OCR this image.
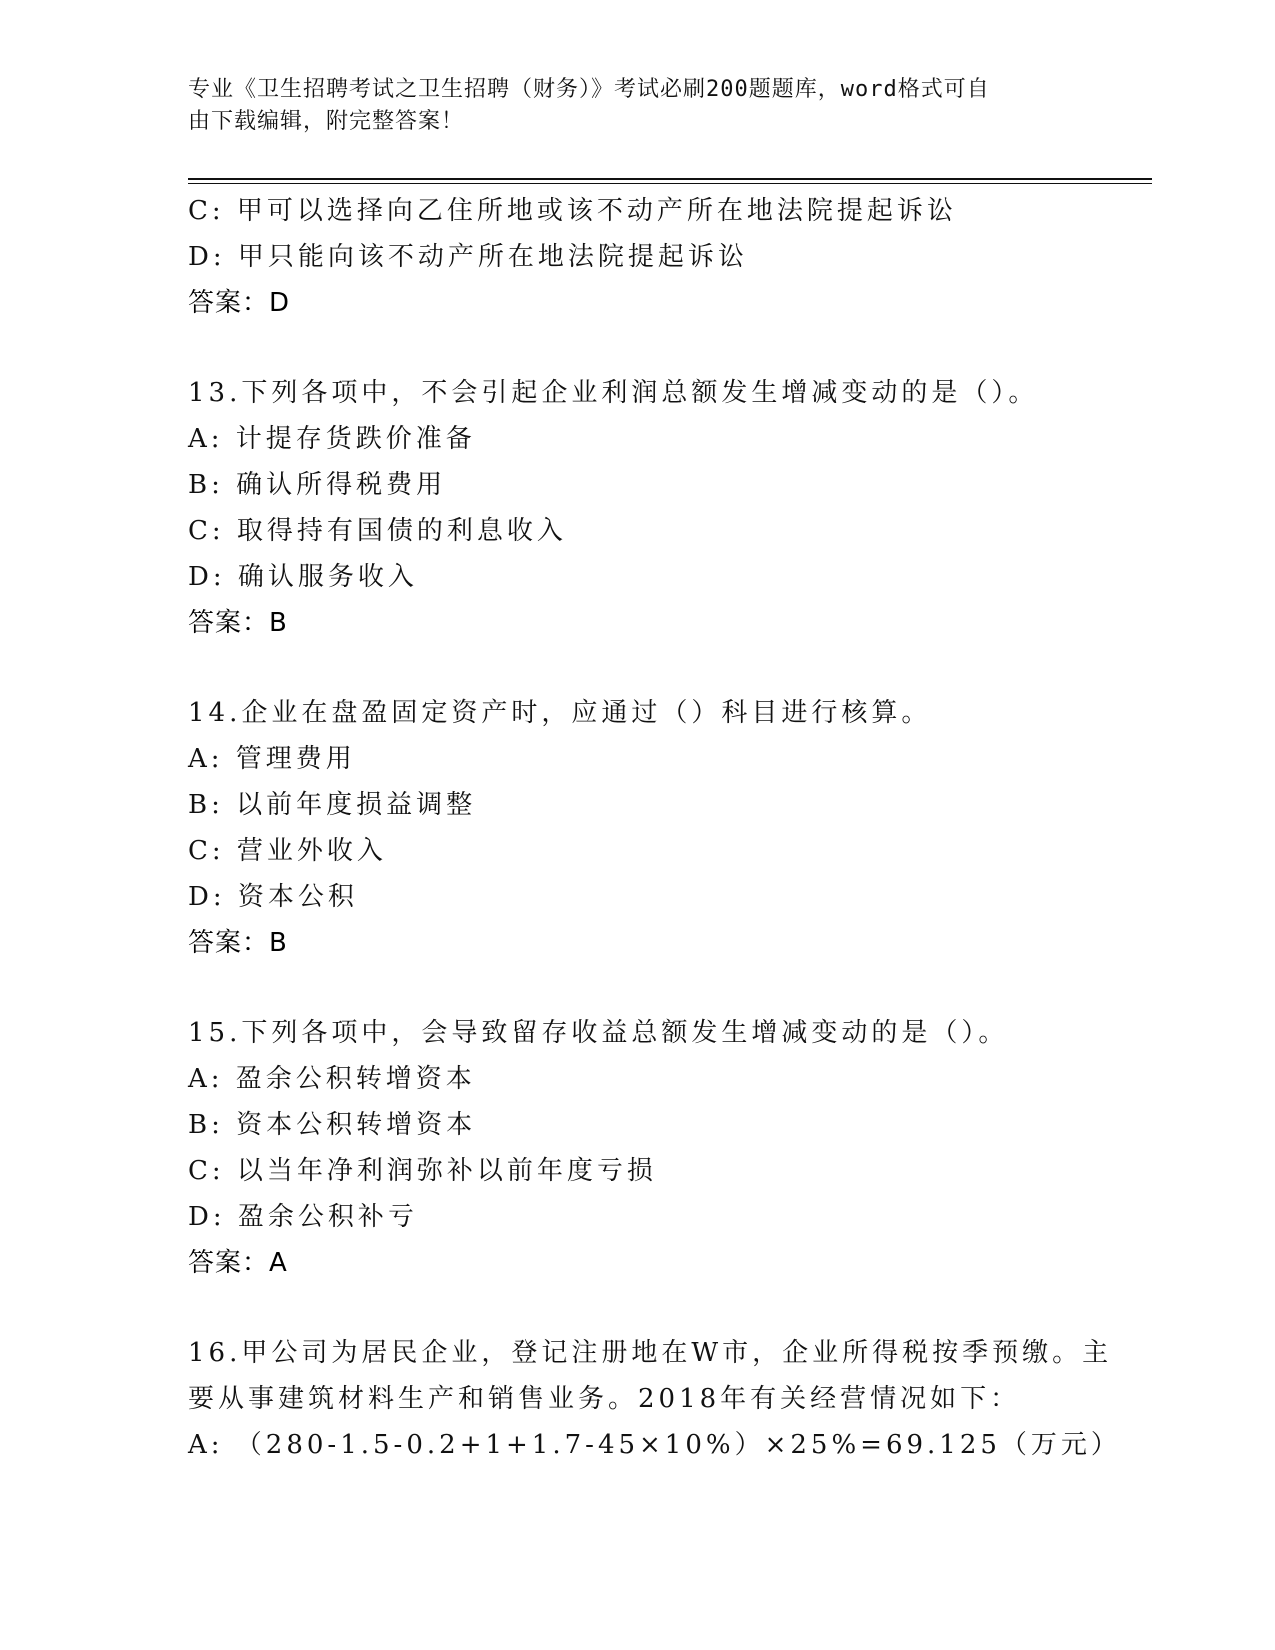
专业《卫生招聘考试之卫生招聘（财务）》考试必刷200题题库，word格式可自
由下载编辑，附完整答案！
C: 甲可以选择向乙住所地或该不动产所在地法院提起诉讼
D: 甲只能向该不动产所在地法院提起诉讼
答案：D
13.下列各项中，不会引起企业利润总额发生增减变动的是（）。
A: 计提存货跌价准备
B: 确认所得税费用
C: 取得持有国债的利息收入
D: 确认服务收入
答案：B
14.企业在盘盈固定资产时，应通过（）科目进行核算。
A: 管理费用
B: 以前年度损益调整
C: 营业外收入
D: 资本公积
答案：B
15.下列各项中，会导致留存收益总额发生增减变动的是（）。
A: 盈余公积转增资本
B: 资本公积转增资本
C: 以当年净利润弥补以前年度亏损
D: 盈余公积补亏
答案：A
16.甲公司为居民企业，登记注册地在W市，企业所得税按季预缴。主
要从事建筑材料生产和销售业务。2018年有关经营情况如下：
A: （280-1.5-0.2+1+1.7-45×10%）×25%=69.125（万元）
